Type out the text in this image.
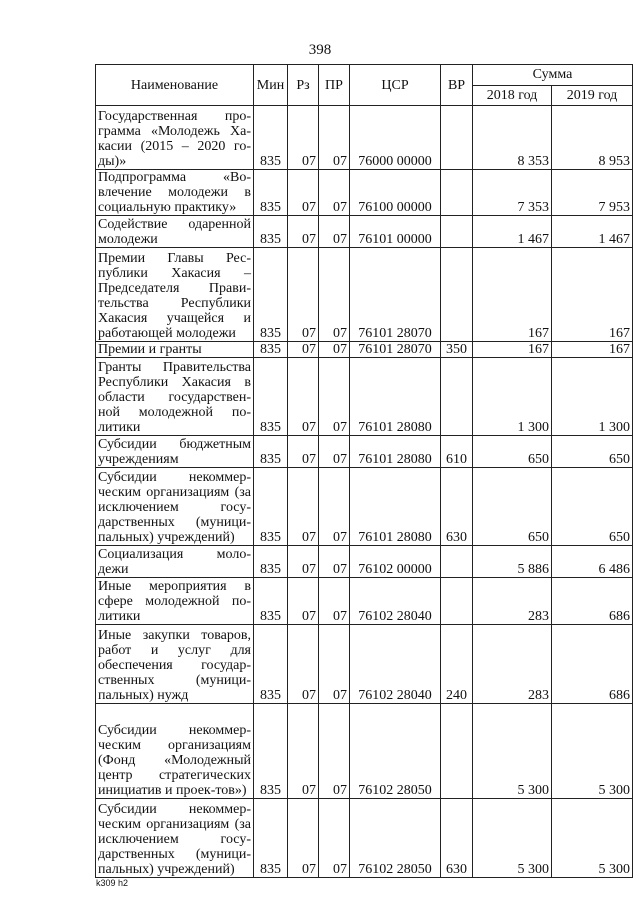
398
Наименование	Мин	Рз	ПР	ЦСР	ВР	Сумма	
						2018 год	2019 год
Государственная про-грамма «Молодежь Ха-касии (2015 – 2020 го-ды)»	835	07	07	76000 00000		8 353	8 953
Подпрограмма «Во-влечение молодежи в социальную практику»	835	07	07	76100 00000		7 353	7 953
Содействие одаренной молодежи	835	07	07	76101 00000		1 467	1 467
Премии Главы Рес-публики Хакасия – Председателя Прави-тельства Республики Хакасия учащейся и работающей молодежи	835	07	07	76101 28070		167	167
Премии и гранты	835	07	07	76101 28070	350	167	167
Гранты Правительства Республики Хакасия в области государствен-ной молодежной по-литики	835	07	07	76101 28080		1 300	1 300
Субсидии бюджетным учреждениям	835	07	07	76101 28080	610	650	650
Субсидии некоммер-ческим организациям (за исключением госу-дарственных (муници-пальных) учреждений)	835	07	07	76101 28080	630	650	650
Социализация моло-дежи	835	07	07	76102 00000		5 886	6 486
Иные мероприятия в сфере молодежной по-литики	835	07	07	76102 28040		283	686
Иные закупки товаров, работ и услуг для обеспечения государ-ственных (муници-пальных) нужд	835	07	07	76102 28040	240	283	686
Субсидии некоммер-ческим организациям (Фонд «Молодежный центр стратегических инициатив и проек-тов»)	835	07	07	76102 28050		5 300	5 300
Субсидии некоммер-ческим организациям (за исключением госу-дарственных (муници-пальных) учреждений)	835	07	07	76102 28050	630	5 300	5 300
k309 h2
